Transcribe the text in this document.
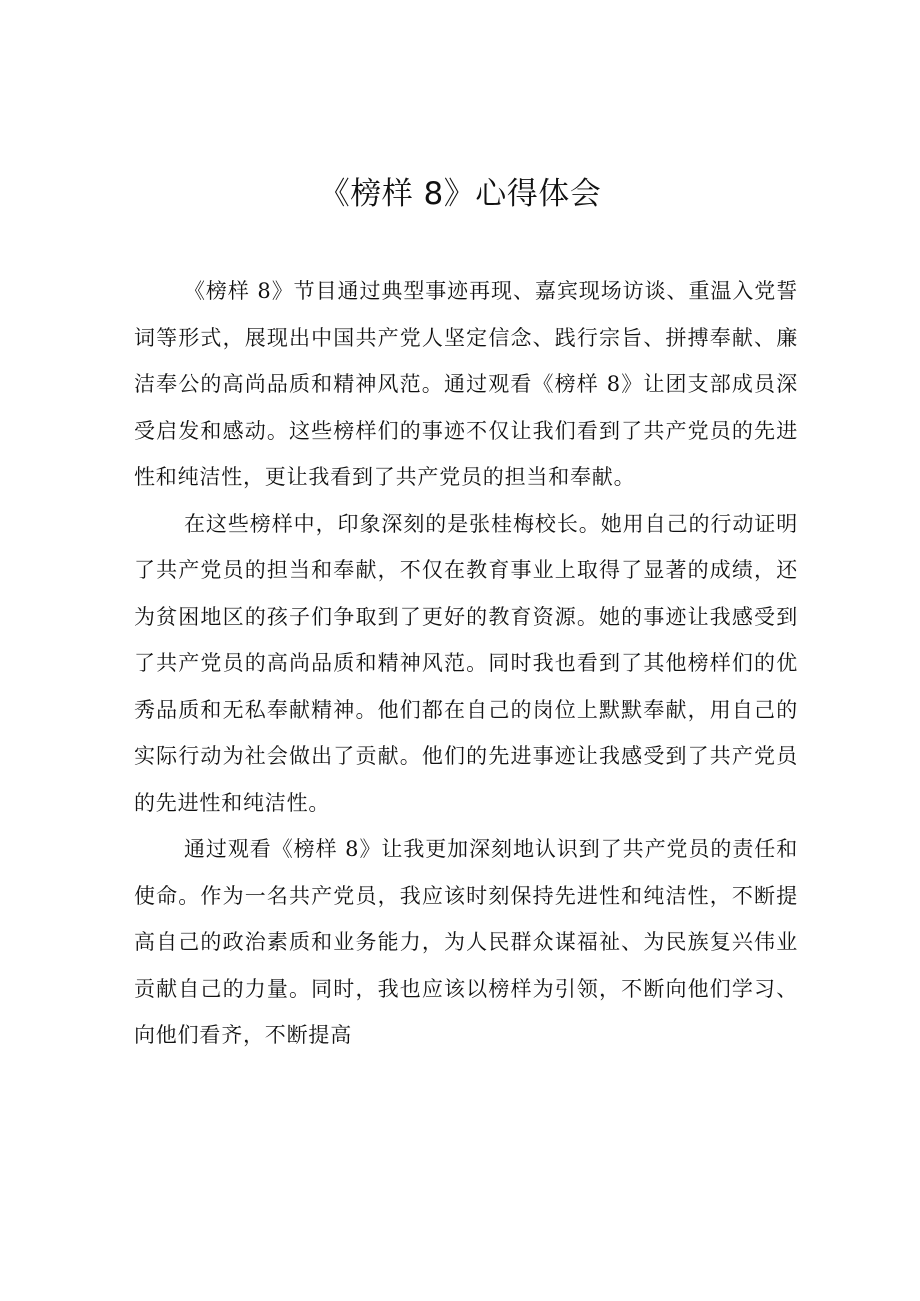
《榜样 8》心得体会

《榜样 8》节目通过典型事迹再现、嘉宾现场访谈、重温入党誓词等形式，展现出中国共产党人坚定信念、践行宗旨、拼搏奉献、廉洁奉公的高尚品质和精神风范。通过观看《榜样 8》让团支部成员深受启发和感动。这些榜样们的事迹不仅让我们看到了共产党员的先进性和纯洁性，更让我看到了共产党员的担当和奉献。

在这些榜样中，印象深刻的是张桂梅校长。她用自己的行动证明了共产党员的担当和奉献，不仅在教育事业上取得了显著的成绩，还为贫困地区的孩子们争取到了更好的教育资源。她的事迹让我感受到了共产党员的高尚品质和精神风范。同时我也看到了其他榜样们的优秀品质和无私奉献精神。他们都在自己的岗位上默默奉献，用自己的实际行动为社会做出了贡献。他们的先进事迹让我感受到了共产党员的先进性和纯洁性。

通过观看《榜样 8》让我更加深刻地认识到了共产党员的责任和使命。作为一名共产党员，我应该时刻保持先进性和纯洁性，不断提高自己的政治素质和业务能力，为人民群众谋福祉、为民族复兴伟业贡献自己的力量。同时，我也应该以榜样为引领，不断向他们学习、向他们看齐，不断提高
